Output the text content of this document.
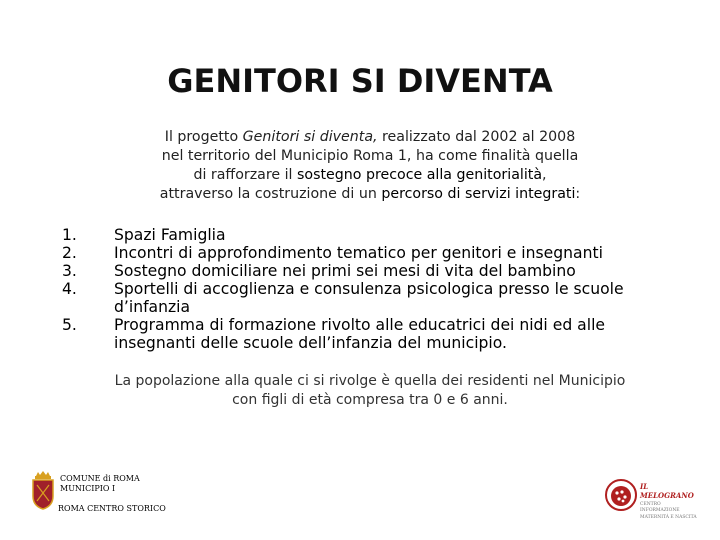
GENITORI SI DIVENTA
Il progetto Genitori si diventa, realizzato dal 2002 al 2008
nel territorio del Municipio Roma 1, ha come finalità quella
di rafforzare il sostegno precoce alla genitorialità,
attraverso la costruzione di un percorso di servizi integrati:
1.	Spazi Famiglia
2.	Incontri di approfondimento tematico per genitori e insegnanti
3.	Sostegno domiciliare nei primi sei mesi di vita del bambino
4.	Sportelli di accoglienza e consulenza psicologica presso le scuole d’infanzia
5.	Programma di formazione rivolto alle educatrici dei nidi ed alle insegnanti delle scuole dell’infanzia del municipio.
La popolazione alla quale ci si rivolge è quella dei residenti nel Municipio
con figli di età compresa tra 0 e 6 anni.
COMUNE di ROMA
MUNICIPIO I
ROMA CENTRO STORICO
IL MELOGRANO
CENTRO INFORMAZIONE
MATERNITÀ E NASCITA
